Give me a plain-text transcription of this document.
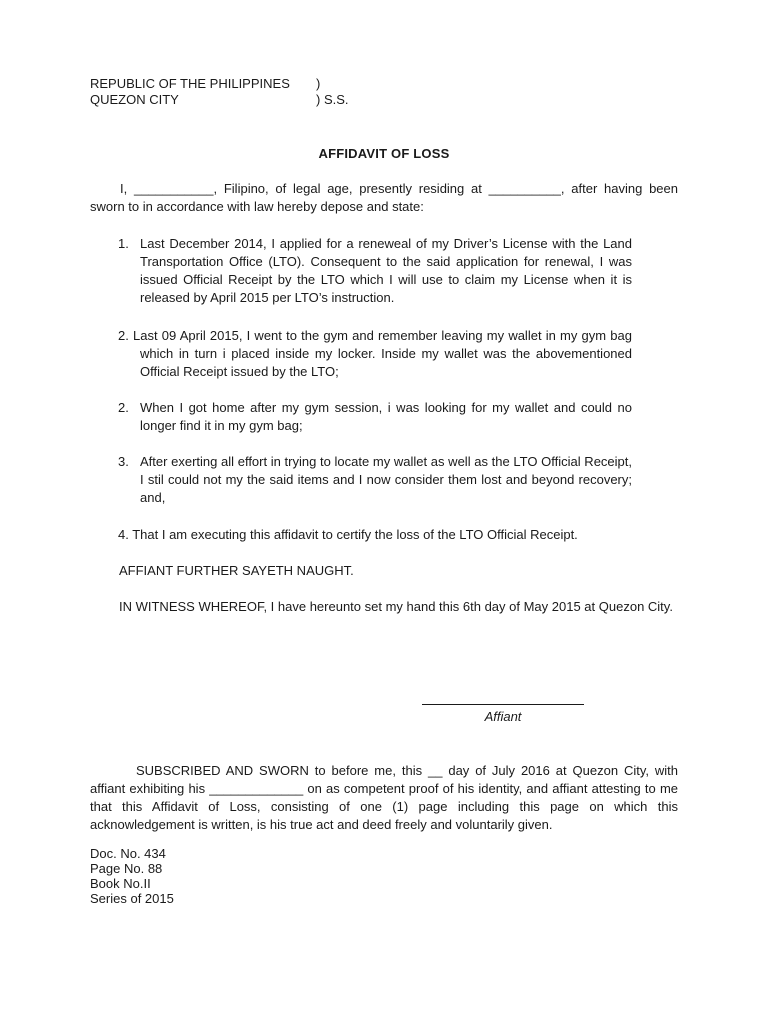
REPUBLIC OF THE PHILIPPINES )
QUEZON CITY	) S.S.
AFFIDAVIT OF LOSS
I, ___________, Filipino, of legal age, presently residing at __________, after having been sworn to in accordance with law hereby depose and state:
1. Last December 2014, I applied for a reneweal of my Driver’s License with the Land Transportation Office (LTO). Consequent to the said application for renewal, I was issued Official Receipt by the LTO which I will use to claim my License when it is released by April 2015 per LTO’s instruction.
2. Last 09 April 2015, I went to the gym and remember leaving my wallet in my gym bag which in turn i placed inside my locker. Inside my wallet was the abovementioned Official Receipt issued by the LTO;
2. When I got home after my gym session, i was looking for my wallet and could no longer find it in my gym bag;
3. After exerting all effort in trying to locate my wallet as well as the LTO Official Receipt, I stil could not my the said items and I now consider them lost and beyond recovery; and,
4. That I am executing this affidavit to certify the loss of the LTO Official Receipt.
AFFIANT FURTHER SAYETH NAUGHT.
IN WITNESS WHEREOF, I have hereunto set my hand this 6th day of May 2015 at Quezon City.
Affiant
SUBSCRIBED AND SWORN to before me, this __ day of July 2016 at Quezon City, with affiant exhibiting his _____________ on as competent proof of his identity, and affiant attesting to me that this Affidavit of Loss, consisting of one (1) page including this page on which this acknowledgement is written, is his true act and deed freely and voluntarily given.
Doc. No. 434
Page No. 88
Book No.II
Series of 2015
